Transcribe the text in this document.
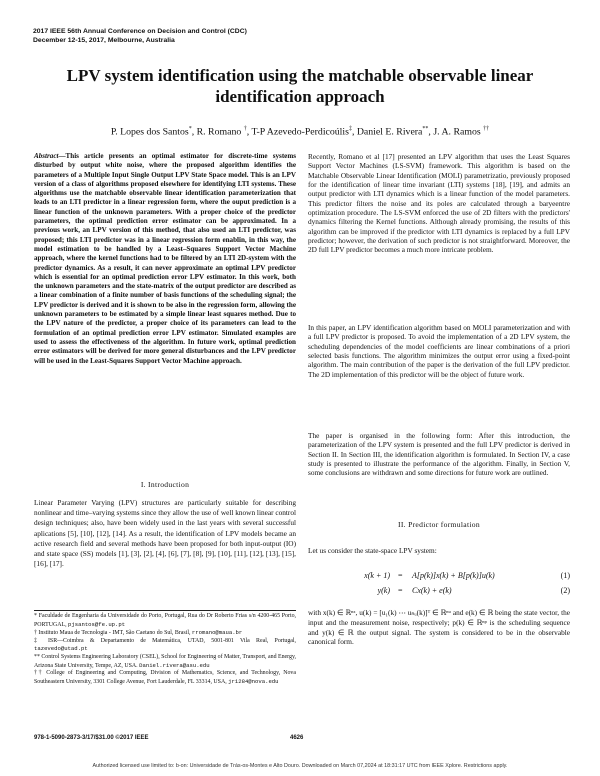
2017 IEEE 56th Annual Conference on Decision and Control (CDC)
December 12-15, 2017, Melbourne, Australia
LPV system identification using the matchable observable linear identification approach
P. Lopes dos Santos*, R. Romano †, T-P Azevedo-Perdicoúlis‡, Daniel E. Rivera**, J. A. Ramos ††
Abstract—This article presents an optimal estimator for discrete-time systems disturbed by output white noise, where the proposed algorithm identifies the parameters of a Multiple Input Single Output LPV State Space model. This is an LPV version of a class of algorithms proposed elsewhere for identifying LTI systems. These algorithms use the matchable observable linear identification parameterization that leads to an LTI predictor in a linear regression form, where the ouput prediction is a linear function of the unknown parameters. With a proper choice of the predictor parameters, the optimal prediction error estimator can be approximated. In a previous work, an LPV version of this method, that also used an LTI predictor, was proposed; this LTI predictor was in a linear regression form enablin, in this way, the model estimation to be handled by a Least–Squares Support Vector Machine approach, where the kernel functions had to be filtered by an LTI 2D-system with the predictor dynamics. As a result, it can never approximate an optimal LPV predictor which is essential for an optimal prediction error LPV estimator. In this work, both the unknown parameters and the state-matrix of the output predictor are described as a linear combination of a finite number of basis functions of the scheduling signal; the LPV predictor is derived and it is shown to be also in the regression form, allowing the unknown parameters to be estimated by a simple linear least squares method. Due to the LPV nature of the predictor, a proper choice of its parameters can lead to the formulation of an optimal prediction error LPV estimator. Simulated examples are used to assess the effectiveness of the algorithm. In future work, optimal prediction error estimators will be derived for more general disturbances and the LPV predictor will be used in the Least-Squares Support Vector Machine approach.
I. Introduction
Linear Parameter Varying (LPV) structures are particularly suitable for describing nonlinear and time–varying systems since they allow the use of well known linear control design techniques; also, have been widely used in the last years with several successful aplications [5], [10], [12], [14]. As a result, the identification of LPV models became an active research field and several methods have been proposed for both input-output (IO) and state space (SS) models [1], [3], [2], [4], [6], [7], [8], [9], [10], [11], [12], [13], [15], [16], [17].
* Faculdade de Engenharia da Universidade do Porto, Portugal, Rua do Dr Roberto Frias s/n 4200-465 Porto, PORTUGAL, pjsantos@fe.up.pt
† Instituto Maua de Tecnologia - IMT, São Caetano do Sul, Brasil, rromano@maua.br
‡ ISR—Coimbra & Departamento de Matemática, UTAD, 5001-801 Vila Real, Portugal, tazevedo@utad.pt
** Control Systems Engineering Laboratory (CSEL), School for Engineering of Matter, Transport, and Energy, Arizona State University, Tempe, AZ, USA. Daniel.rivera@asu.edu
†† College of Engineering and Computing, Division of Mathematics, Science, and Technology, Nova Southeastern University, 3301 College Avenue, Fort Lauderdale, FL 33314, USA, jr1284@nova.edu

Recently, Romano et al [17] presented an LPV algorithm that uses the Least Squares Support Vector Machines (LS-SVM) framework. This algorithm is based on the Matchable Observable Linear Identification (MOLI) parametrizatio, previously proposed for the identification of linear time invariant (LTI) systems [18], [19], and admits an output predictor with LTI dynamics which is a linear function of the model parameters. This predictor filters the noise and its poles are calculated through a baryeentre optimization procedure. The LS-SVM enforced the use of 2D filters with the predictors' dynamics filtering the Kernel functions. Although already promising, the results of this algorithm can be improved if the predictor with LTI dynamics is replaced by a full LPV predictor; however, the derivation of such predictor is not straightforward. Moreover, the 2D full LPV predictor becomes a much more intricate problem.

In this paper, an LPV identification algorithm based on MOLI parameterization and with a full LPV predictor is proposed. To avoid the implementation of a 2D LPV system, the scheduling dependencies of the model coefficients are linear combinations of a priori selected basis functions. The algorithm minimizes the output error using a fixed-point algorithm. The main contribution of the paper is the derivation of the full LPV predictor. The 2D implementation of this predictor will be the object of future work.

The paper is organised in the following form: After this introduction, the parameterization of the LPV system is presented and the full LPV predictor is derived in Section II. In Section III, the identification algorithm is formulated. In Section IV, a case study is presented to illustrate the performance of the algorithm. Finally, in Section V, some conclusions are withdrawn and some directions for future work are outlined.

II. Predictor formulation
Let us consider the state-space LPV system:
x(k + 1) = A[p(k)]x(k) + B[p(k)]u(k)	(1)
y(k) = Cx(k) + e(k)	(2)
with x(k) ∈ ℝⁿˣ, u(k) = [u₁(k) ⋯ uₙᵤ(k)]ᵀ ∈ ℝⁿᵘ and e(k) ∈ ℝ being the state vector, the input and the measurement noise, respectively; p(k) ∈ ℝⁿᵖ is the scheduling sequence and y(k) ∈ ℝ the output signal. The system is considered to be in the observable canonical form.
978-1-5090-2873-3/17/$31.00 ©2017 IEEE	4626
Authorized licensed use limited to: b-on: Universidade de Trás-os-Montes e Alto Douro. Downloaded on March 07,2024 at 18:31:17 UTC from IEEE Xplore. Restrictions apply.
